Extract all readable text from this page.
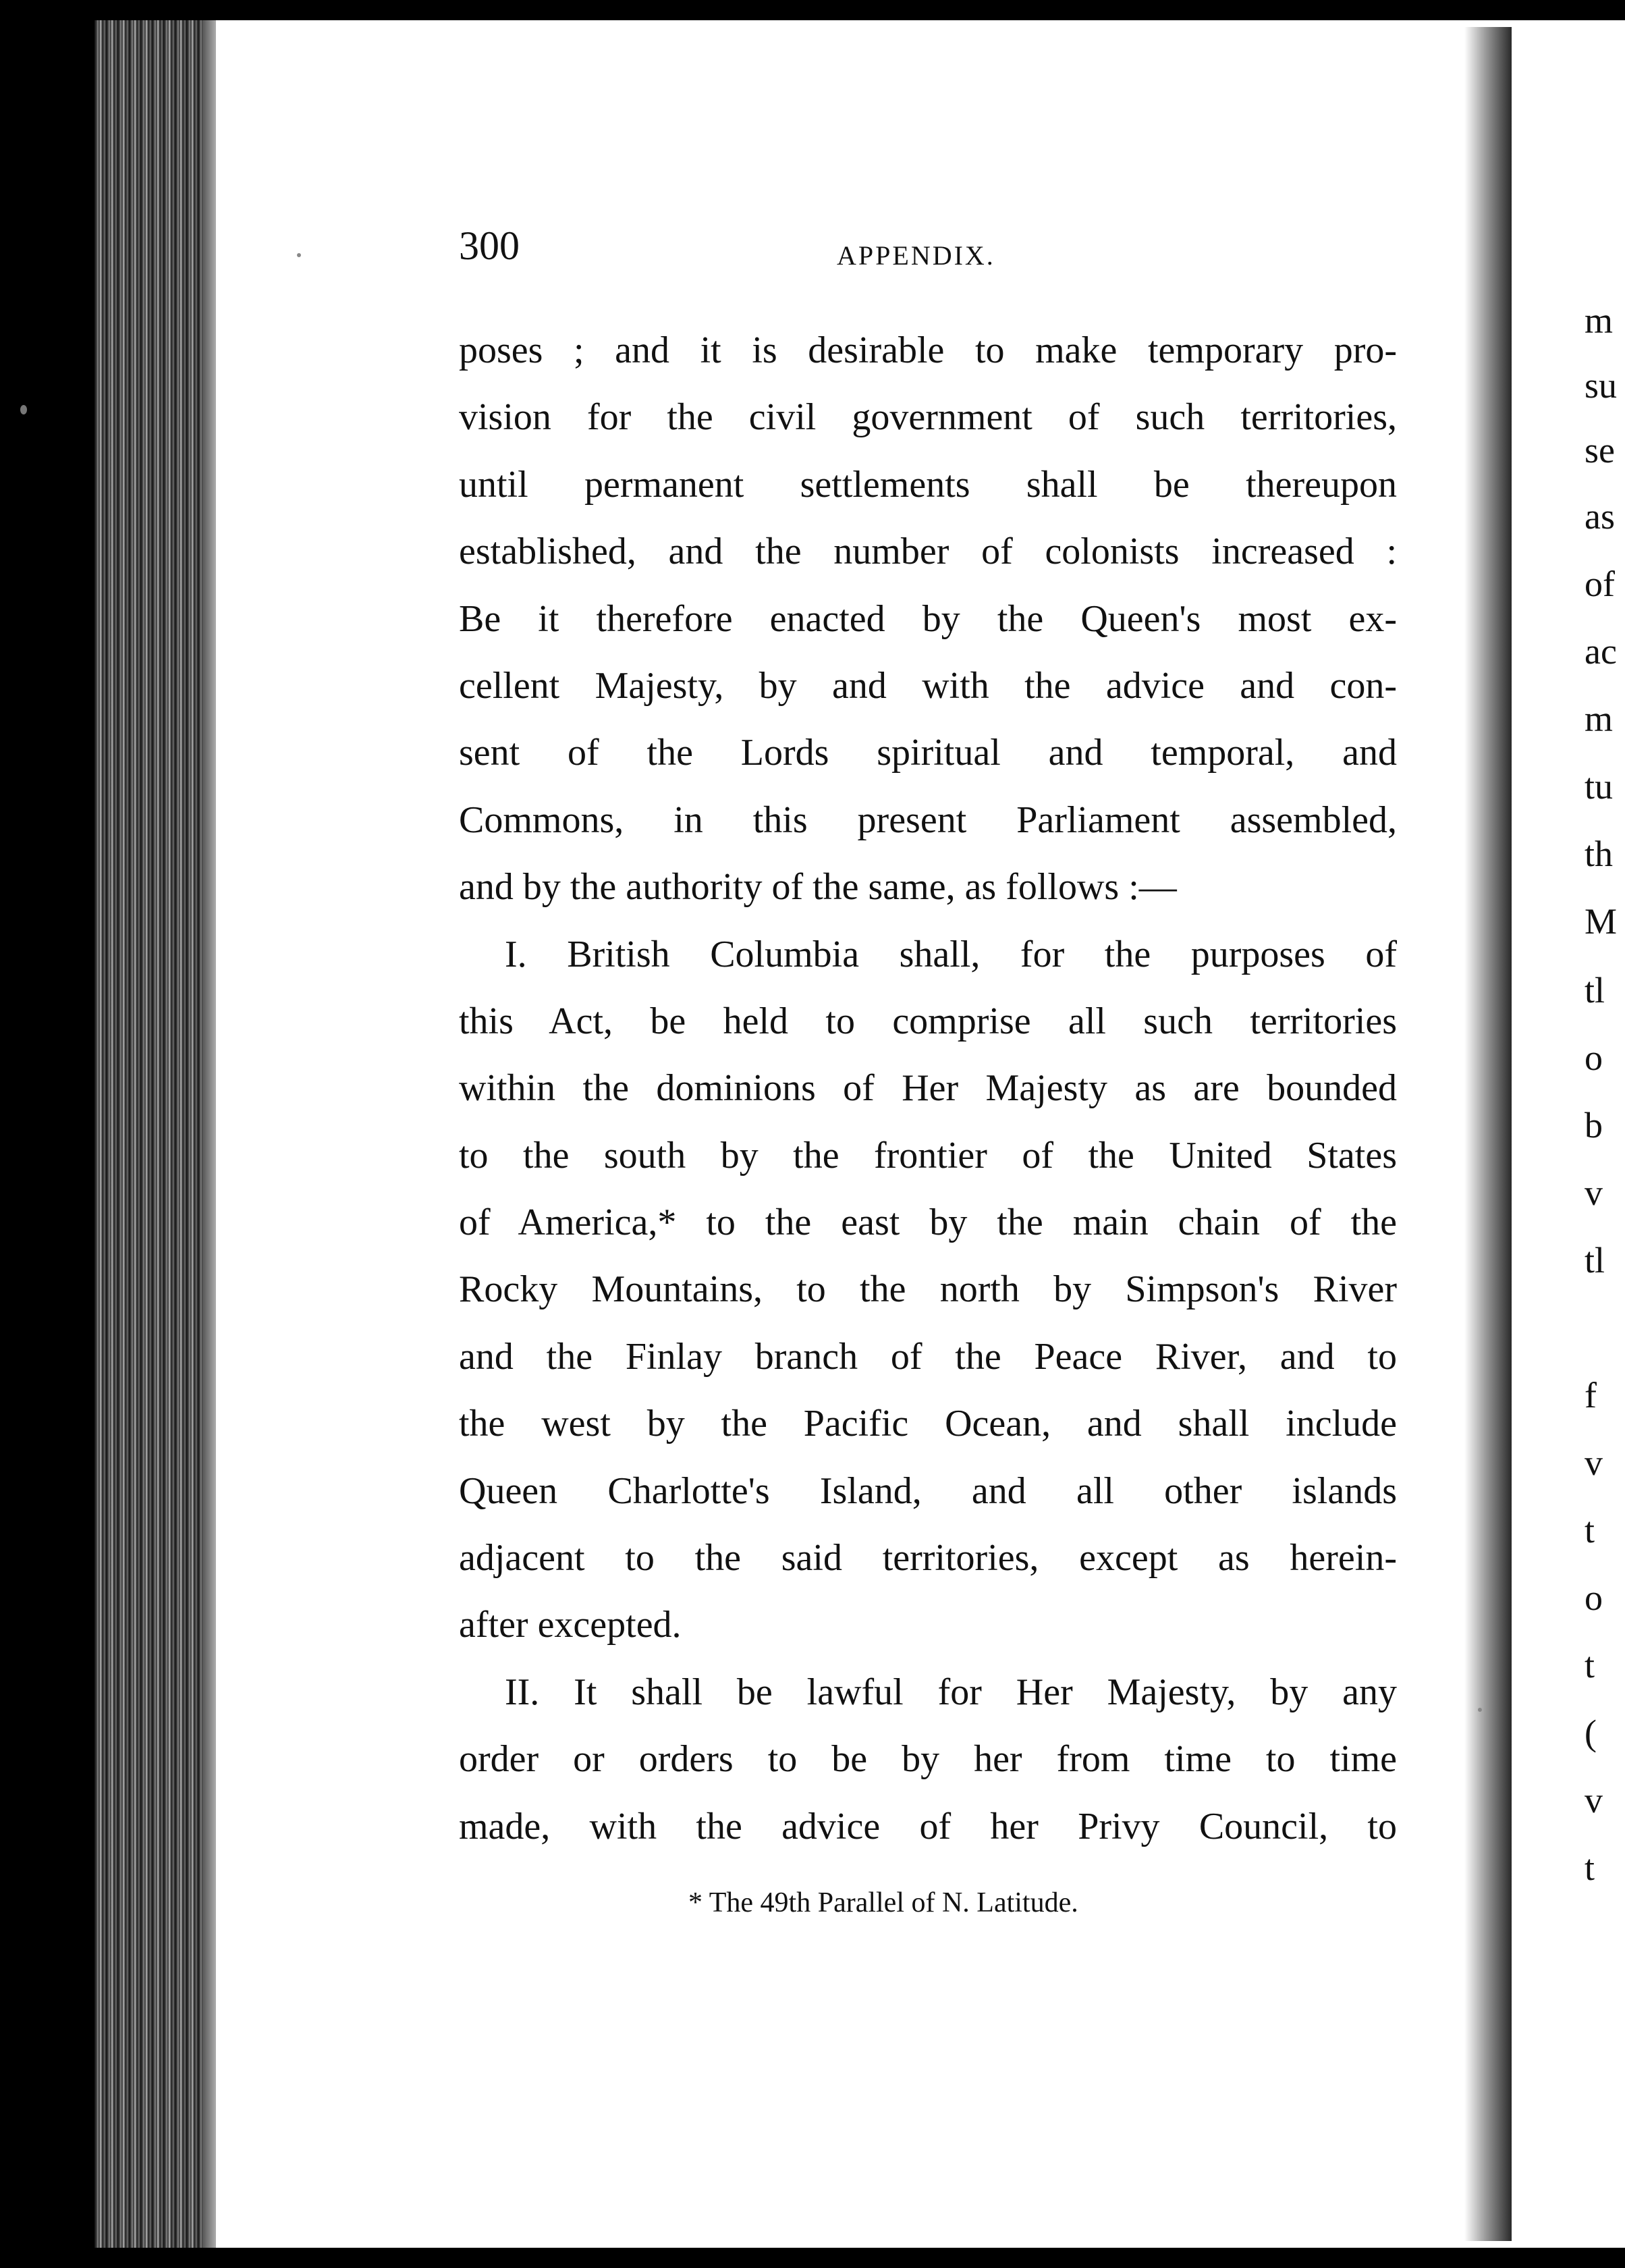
300	APPENDIX.
poses ; and it is desirable to make temporary pro-
vision for the civil government of such territories,
until permanent settlements shall be thereupon
established, and the number of colonists increased :
Be it therefore enacted by the Queen's most ex-
cellent Majesty, by and with the advice and con-
sent of the Lords spiritual and temporal, and
Commons, in this present Parliament assembled,
and by the authority of the same, as follows :—
I. British Columbia shall, for the purposes of
this Act, be held to comprise all such territories
within the dominions of Her Majesty as are bounded
to the south by the frontier of the United States
of America,* to the east by the main chain of the
Rocky Mountains, to the north by Simpson's River
and the Finlay branch of the Peace River, and to
the west by the Pacific Ocean, and shall include
Queen Charlotte's Island, and all other islands
adjacent to the said territories, except as herein-
after excepted.
II. It shall be lawful for Her Majesty, by any
order or orders to be by her from time to time
made, with the advice of her Privy Council, to
* The 49th Parallel of N. Latitude.
m
su
se
as
of
ac
m
tu
th
M
tl
o
b
v
tl
f
v
t
o
t
(
v
t
